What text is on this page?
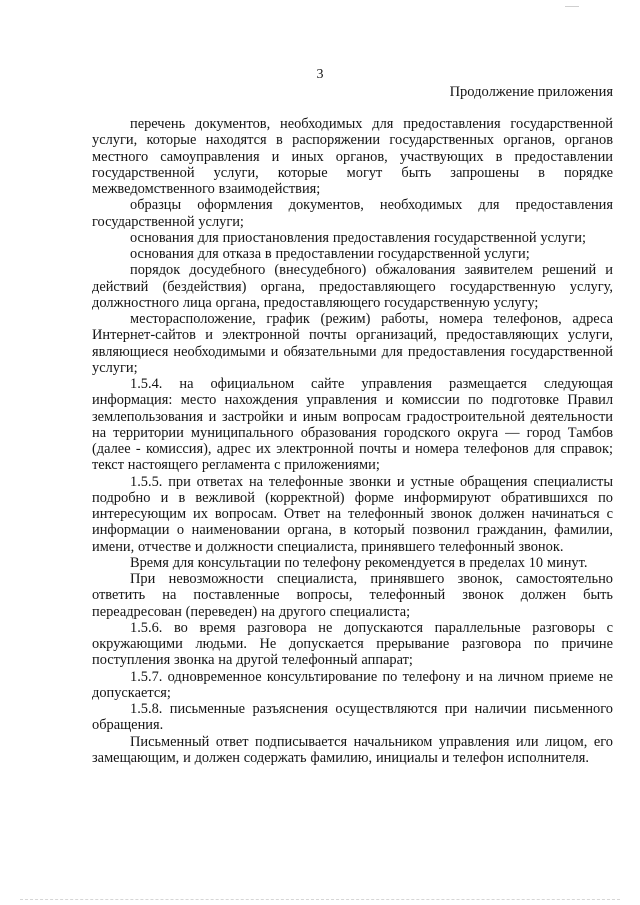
3
Продолжение приложения

перечень документов, необходимых для предоставления государственной услуги, которые находятся в распоряжении государственных органов, органов местного самоуправления и иных органов, участвующих в предоставлении государственной услуги, которые могут быть запрошены в порядке межведомственного взаимодействия;

образцы оформления документов, необходимых для предоставления государственной услуги;

основания для приостановления предоставления государственной услуги;

основания для отказа в предоставлении государственной услуги;

порядок досудебного (внесудебного) обжалования заявителем решений и действий (бездействия) органа, предоставляющего государственную услугу, должностного лица органа, предоставляющего государственную услугу;

месторасположение, график (режим) работы, номера телефонов, адреса Интернет-сайтов и электронной почты организаций, предоставляющих услуги, являющиеся необходимыми и обязательными для предоставления государственной услуги;

1.5.4. на официальном сайте управления размещается следующая информация: место нахождения управления и комиссии по подготовке Правил землепользования и застройки и иным вопросам градостроительной деятельности на территории муниципального образования городского округа — город Тамбов (далее - комиссия), адрес их электронной почты и номера телефонов для справок; текст настоящего регламента с приложениями;

1.5.5. при ответах на телефонные звонки и устные обращения специалисты подробно и в вежливой (корректной) форме информируют обратившихся по интересующим их вопросам. Ответ на телефонный звонок должен начинаться с информации о наименовании органа, в который позвонил гражданин, фамилии, имени, отчестве и должности специалиста, принявшего телефонный звонок.

Время для консультации по телефону рекомендуется в пределах 10 минут.

При невозможности специалиста, принявшего звонок, самостоятельно ответить на поставленные вопросы, телефонный звонок должен быть переадресован (переведен) на другого специалиста;

1.5.6. во время разговора не допускаются параллельные разговоры с окружающими людьми. Не допускается прерывание разговора по причине поступления звонка на другой телефонный аппарат;

1.5.7. одновременное консультирование по телефону и на личном приеме не допускается;

1.5.8. письменные разъяснения осуществляются при наличии письменного обращения.

Письменный ответ подписывается начальником управления или лицом, его замещающим, и должен содержать фамилию, инициалы и телефон исполнителя.
